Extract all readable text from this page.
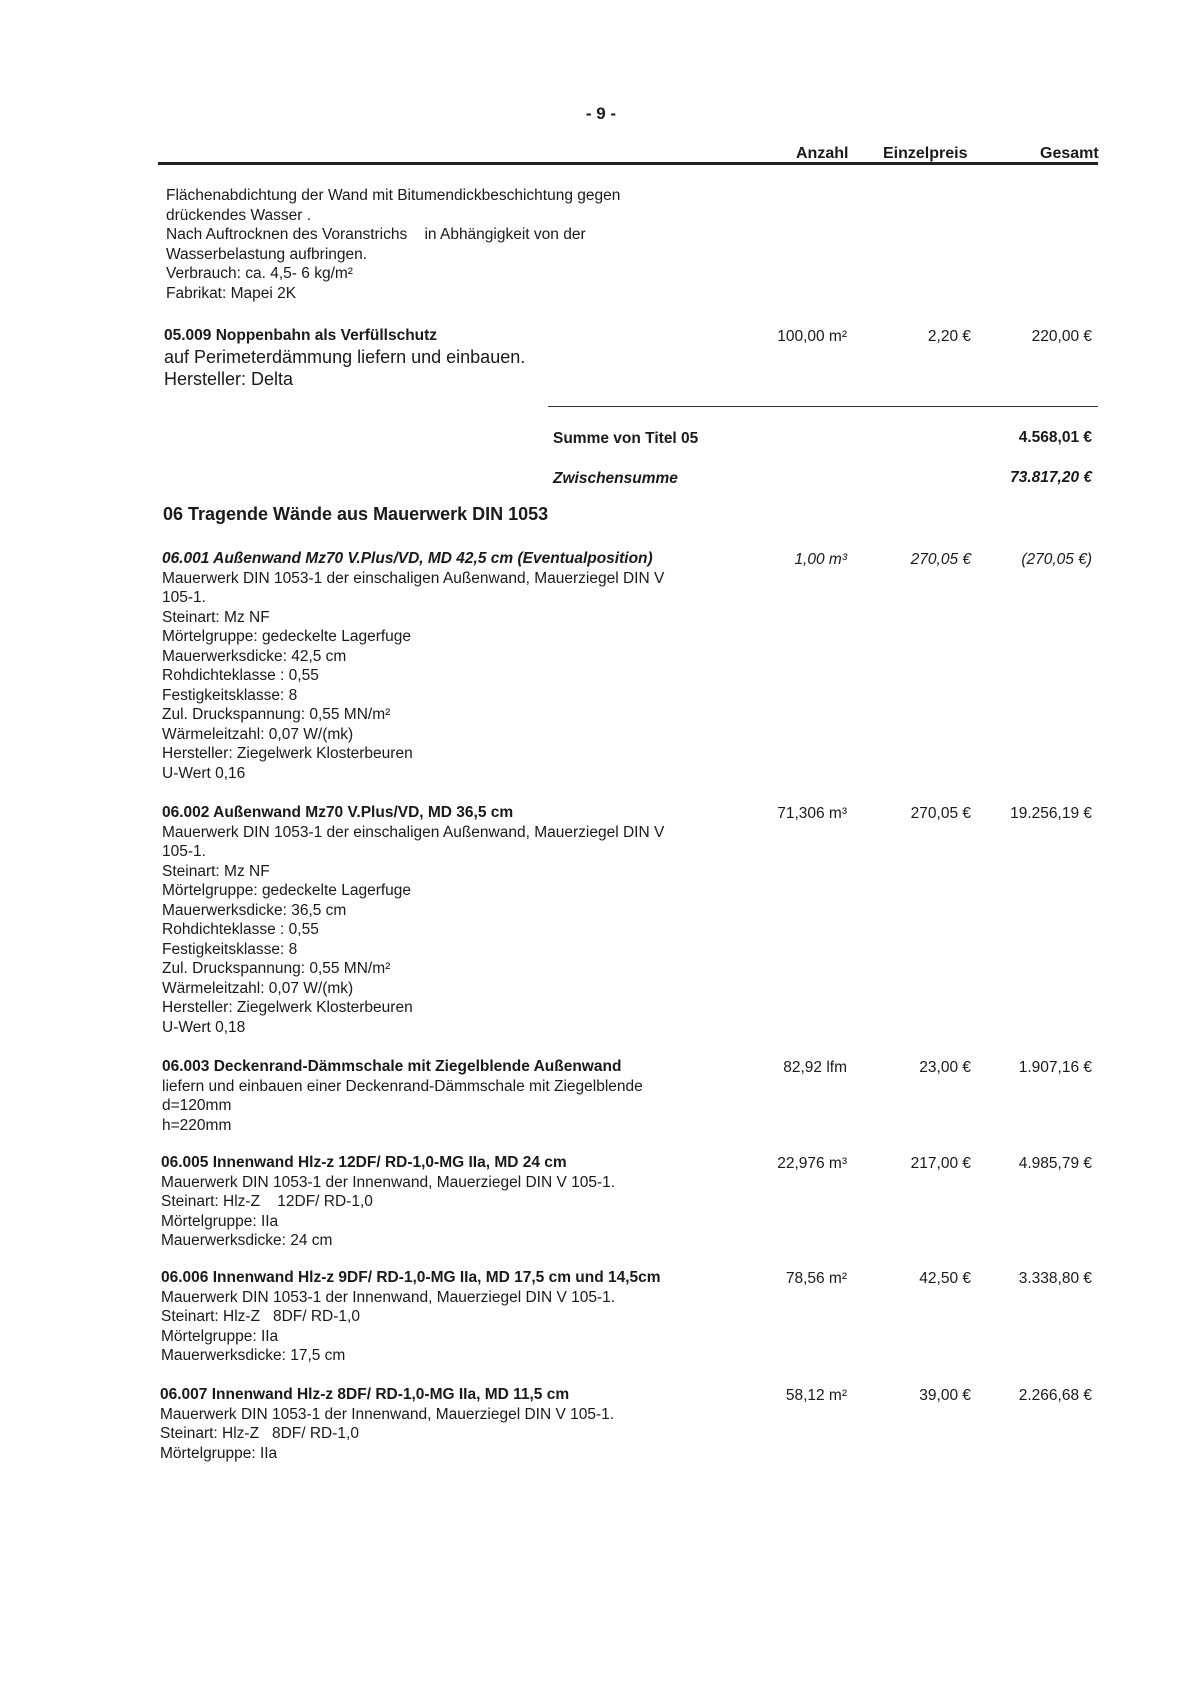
- 9 -
Anzahl Einzelpreis	Gesamt
Flächenabdichtung der Wand mit Bitumendickbeschichtung gegen
drückendes Wasser .
Nach Auftrocknen des Voranstrichs    in Abhängigkeit von der
Wasserbelastung aufbringen.
Verbrauch: ca. 4,5- 6 kg/m²
Fabrikat: Mapei 2K
05.009 Noppenbahn als Verfüllschutz
auf Perimeterdämmung liefern und einbauen.
Hersteller: Delta
100,00 m²	2,20 €	220,00 €
Summe von Titel 05	4.568,01 €
Zwischensumme	73.817,20 €
06 Tragende Wände aus Mauerwerk DIN 1053
06.001 Außenwand Mz70 V.Plus/VD, MD 42,5 cm (Eventualposition)
Mauerwerk DIN 1053-1 der einschaligen Außenwand, Mauerziegel DIN V
105-1.
Steinart: Mz NF
Mörtelgruppe: gedeckelte Lagerfuge
Mauerwerksdicke: 42,5 cm
Rohdichteklasse : 0,55
Festigkeitsklasse: 8
Zul. Druckspannung: 0,55 MN/m²
Wärmeleitzahl: 0,07 W/(mk)
Hersteller: Ziegelwerk Klosterbeuren
U-Wert 0,16
1,00 m³	270,05 €	(270,05 €)
06.002 Außenwand Mz70 V.Plus/VD, MD 36,5 cm
Mauerwerk DIN 1053-1 der einschaligen Außenwand, Mauerziegel DIN V
105-1.
Steinart: Mz NF
Mörtelgruppe: gedeckelte Lagerfuge
Mauerwerksdicke: 36,5 cm
Rohdichteklasse : 0,55
Festigkeitsklasse: 8
Zul. Druckspannung: 0,55 MN/m²
Wärmeleitzahl: 0,07 W/(mk)
Hersteller: Ziegelwerk Klosterbeuren
U-Wert 0,18
71,306 m³	270,05 €	19.256,19 €
06.003 Deckenrand-Dämmschale mit Ziegelblende Außenwand
liefern und einbauen einer Deckenrand-Dämmschale mit Ziegelblende
d=120mm
h=220mm
82,92 lfm	23,00 €	1.907,16 €
06.005 Innenwand Hlz-z 12DF/ RD-1,0-MG IIa, MD 24 cm
Mauerwerk DIN 1053-1 der Innenwand, Mauerziegel DIN V 105-1.
Steinart: Hlz-Z    12DF/ RD-1,0
Mörtelgruppe: IIa
Mauerwerksdicke: 24 cm
22,976 m³	217,00 €	4.985,79 €
06.006 Innenwand Hlz-z 9DF/ RD-1,0-MG IIa, MD 17,5 cm und 14,5cm
Mauerwerk DIN 1053-1 der Innenwand, Mauerziegel DIN V 105-1.
Steinart: Hlz-Z   8DF/ RD-1,0
Mörtelgruppe: IIa
Mauerwerksdicke: 17,5 cm
78,56 m²	42,50 €	3.338,80 €
06.007 Innenwand Hlz-z 8DF/ RD-1,0-MG IIa, MD 11,5 cm
Mauerwerk DIN 1053-1 der Innenwand, Mauerziegel DIN V 105-1.
Steinart: Hlz-Z   8DF/ RD-1,0
Mörtelgruppe: IIa
58,12 m²	39,00 €	2.266,68 €
